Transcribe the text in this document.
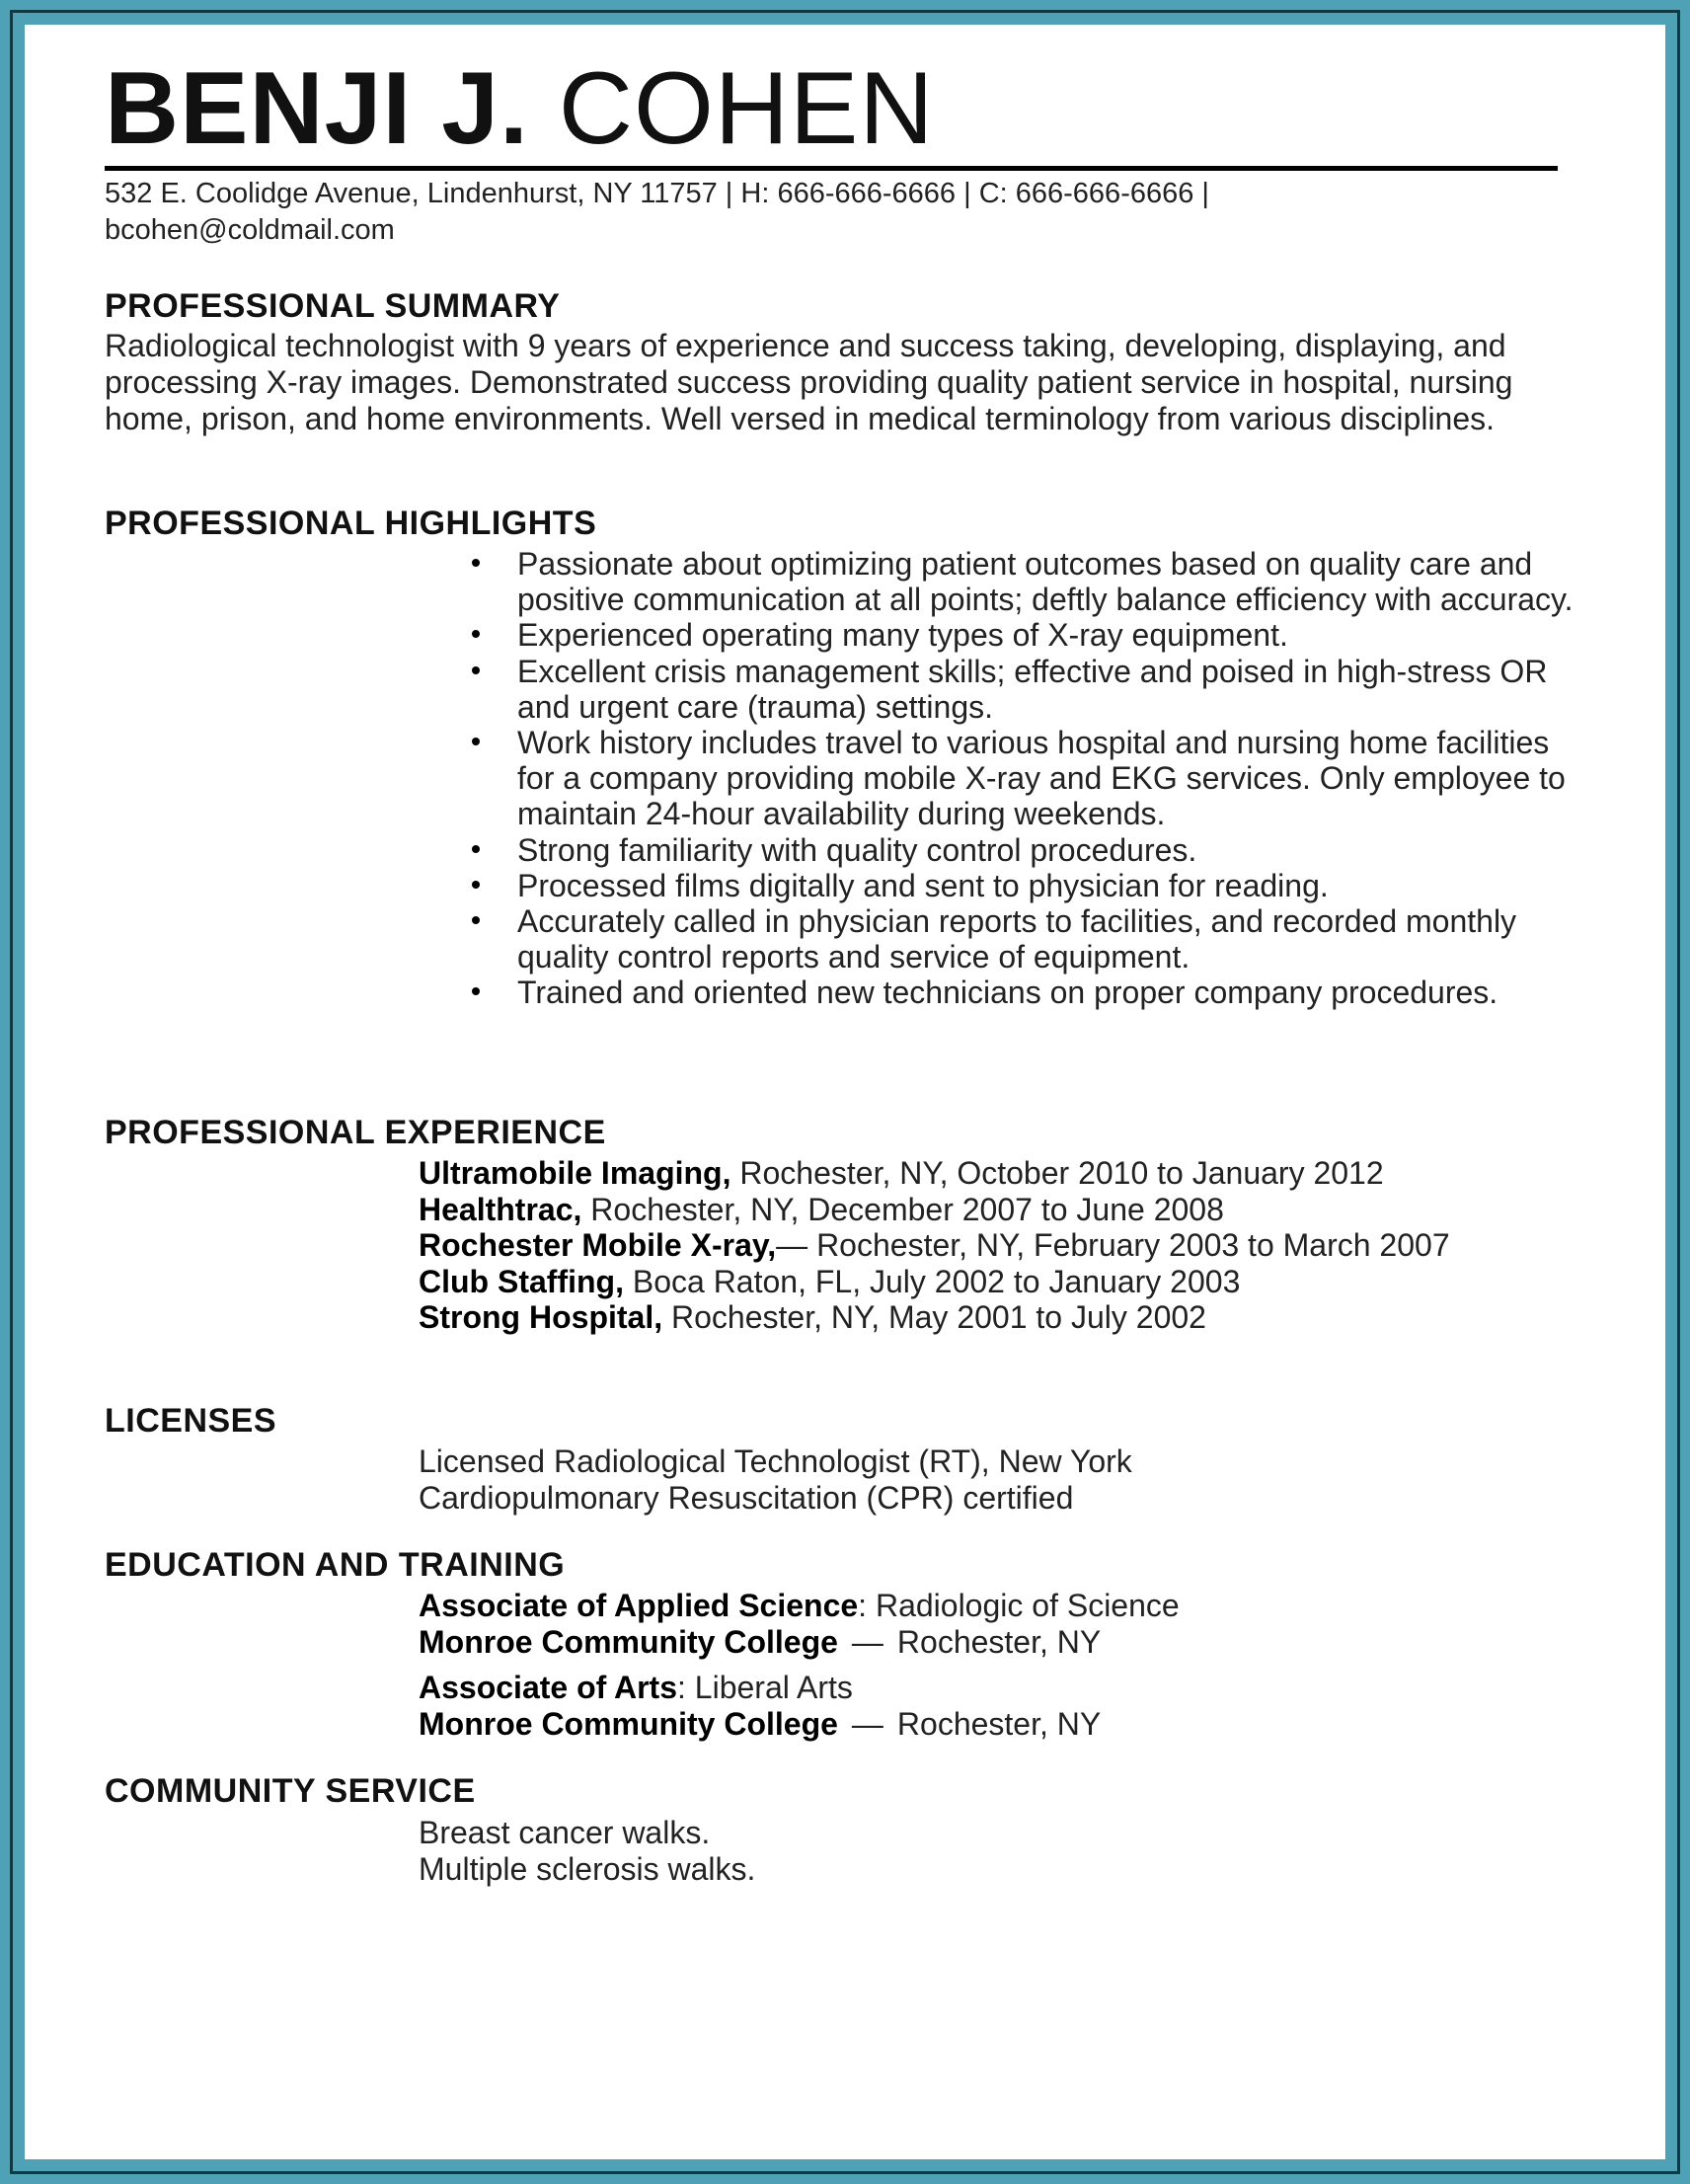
BENJI J. COHEN
532 E. Coolidge Avenue, Lindenhurst, NY 11757 | H: 666-666-6666 | C: 666-666-6666 |
bcohen@coldmail.com
PROFESSIONAL SUMMARY
Radiological technologist with 9 years of experience and success taking, developing, displaying, and processing X-ray images. Demonstrated success providing quality patient service in hospital, nursing home, prison, and home environments. Well versed in medical terminology from various disciplines.
PROFESSIONAL HIGHLIGHTS
Passionate about optimizing patient outcomes based on quality care and positive communication at all points; deftly balance efficiency with accuracy.
Experienced operating many types of X-ray equipment.
Excellent crisis management skills; effective and poised in high-stress OR and urgent care (trauma) settings.
Work history includes travel to various hospital and nursing home facilities for a company providing mobile X-ray and EKG services. Only employee to maintain 24-hour availability during weekends.
Strong familiarity with quality control procedures.
Processed films digitally and sent to physician for reading.
Accurately called in physician reports to facilities, and recorded monthly quality control reports and service of equipment.
Trained and oriented new technicians on proper company procedures.
PROFESSIONAL EXPERIENCE
Ultramobile Imaging, Rochester, NY, October 2010 to January 2012
Healthtrac, Rochester, NY, December 2007 to June 2008
Rochester Mobile X-ray,— Rochester, NY, February 2003 to March 2007
Club Staffing, Boca Raton, FL, July 2002 to January 2003
Strong Hospital, Rochester, NY, May 2001 to July 2002
LICENSES
Licensed Radiological Technologist (RT), New York
Cardiopulmonary Resuscitation (CPR) certified
EDUCATION AND TRAINING
Associate of Applied Science: Radiologic of Science
Monroe Community College — Rochester, NY
Associate of Arts: Liberal Arts
Monroe Community College — Rochester, NY
COMMUNITY SERVICE
Breast cancer walks.
Multiple sclerosis walks.
